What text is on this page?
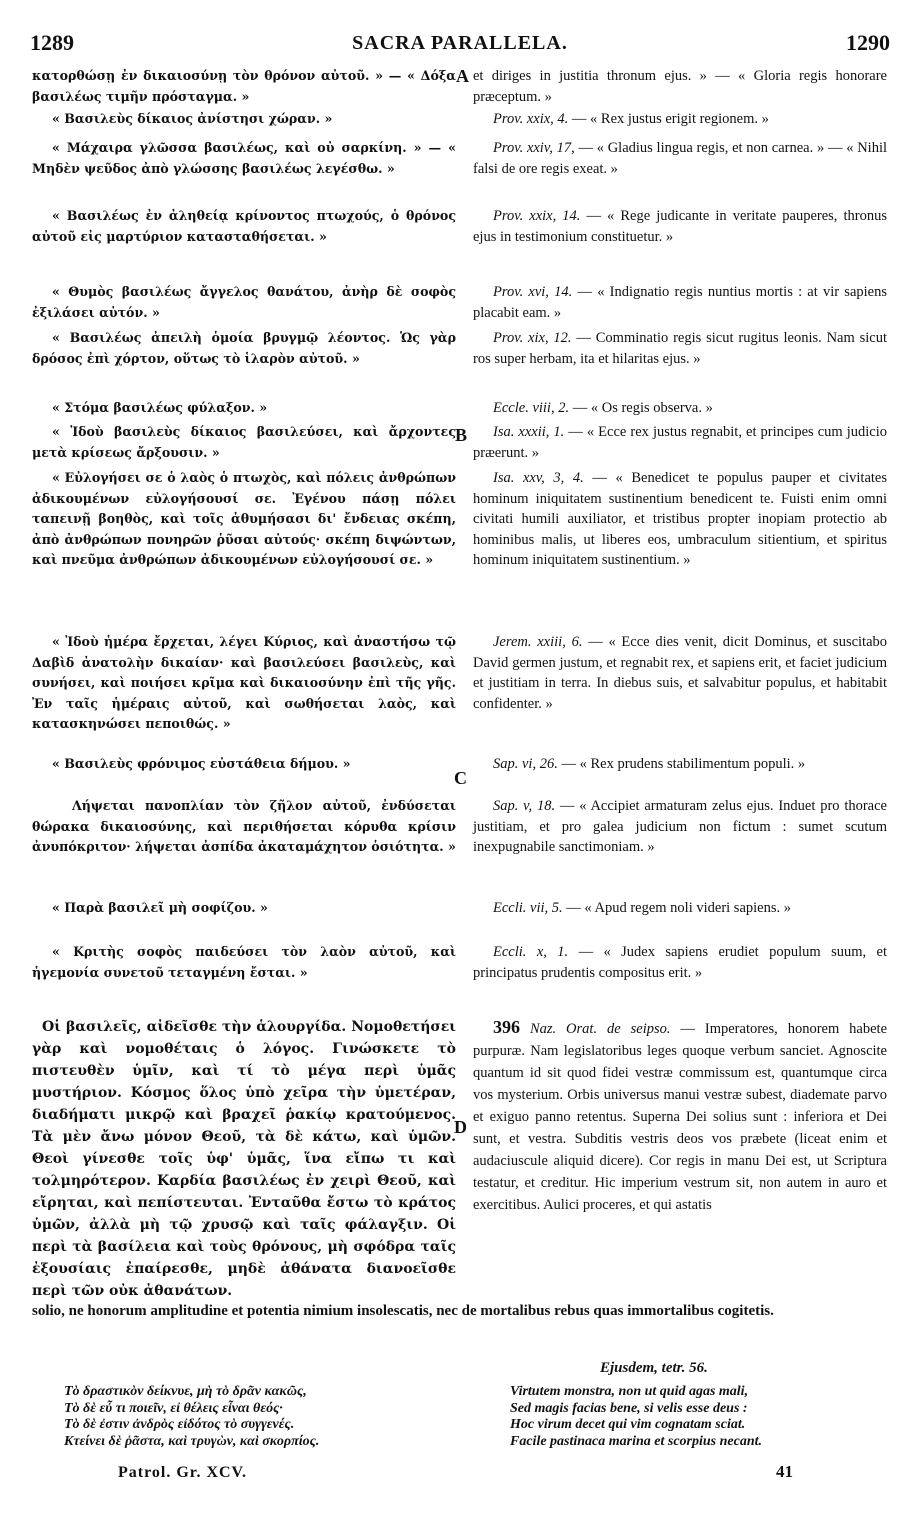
1289	SACRA PARALLELA.	1290
A
B
C
D
κατορθώσῃ ἐν δικαιοσύνῃ τὸν θρόνον αὐτοῦ. » — « Δόξα βασιλέως τιμῆν πρόσταγμα. »
« Βασιλεὺς δίκαιος ἀνίστησι χώραν. »
« Μάχαιρα γλῶσσα βασιλέως, καὶ οὐ σαρκίνη. » — « Μηδὲν ψεῦδος ἀπὸ γλώσσης βασιλέως λεγέσθω. »
« Βασιλέως ἐν ἀληθείᾳ κρίνοντος πτωχούς, ὁ θρόνος αὐτοῦ εἰς μαρτύριον κατασταθήσεται. »
« Θυμὸς βασιλέως ἄγγελος θανάτου, ἀνὴρ δὲ σοφὸς ἐξιλάσει αὐτόν. »
« Βασιλέως ἀπειλὴ ὁμοία βρυγμῷ λέοντος. Ὡς γὰρ δρόσος ἐπὶ χόρτον, οὕτως τὸ ἱλαρὸν αὐτοῦ. »
« Στόμα βασιλέως φύλαξον. »
« Ἰδοὺ βασιλεὺς δίκαιος βασιλεύσει, καὶ ἄρχοντες μετὰ κρίσεως ἄρξουσιν. »
« Εὐλογήσει σε ὁ λαὸς ὁ πτωχὸς, καὶ πόλεις ἀνθρώπων ἀδικουμένων εὐλογήσουσί σε. Ἐγένου πάσῃ πόλει ταπεινῇ βοηθὸς, καὶ τοῖς ἀθυμήσασι δι' ἔνδειας σκέπη, ἀπὸ ἀνθρώπων πονηρῶν ῥῦσαι αὐτούς· σκέπη διψώντων, καὶ πνεῦμα ἀνθρώπων ἀδικουμένων εὐλογήσουσί σε. »
« Ἰδοὺ ἡμέρα ἔρχεται, λέγει Κύριος, καὶ ἀναστήσω τῷ Δαβὶδ ἀνατολὴν δικαίαν· καὶ βασιλεύσει βασιλεὺς, καὶ συνήσει, καὶ ποιήσει κρῖμα καὶ δικαιοσύνην ἐπὶ τῆς γῆς. Ἐν ταῖς ἡμέραις αὐτοῦ, καὶ σωθήσεται λαὸς, καὶ κατασκηνώσει πεποιθώς. »
« Βασιλεὺς φρόνιμος εὐστάθεια δήμου. »
Λήψεται πανοπλίαν τὸν ζῆλον αὐτοῦ, ἐνδύσεται θώρακα δικαιοσύνης, καὶ περιθήσεται κόρυθα κρίσιν ἀνυπόκριτον· λήψεται ἀσπίδα ἀκαταμάχητον ὁσιότητα. »
« Παρὰ βασιλεῖ μὴ σοφίζου. »
« Κριτὴς σοφὸς παιδεύσει τὸν λαὸν αὐτοῦ, καὶ ἡγεμονία συνετοῦ τεταγμένη ἔσται. »
Οἱ βασιλεῖς, αἰδεῖσθε τὴν ἁλουργίδα. Νομοθετήσει γὰρ καὶ νομοθέταις ὁ λόγος. Γινώσκετε τὸ πιστευθὲν ὑμῖν, καὶ τί τὸ μέγα περὶ ὑμᾶς μυστήριον. Κόσμος ὅλος ὑπὸ χεῖρα τὴν ὑμετέραν, διαδήματι μικρῷ καὶ βραχεῖ ῥακίῳ κρατούμενος. Τὰ μὲν ἄνω μόνον Θεοῦ, τὰ δὲ κάτω, καὶ ὑμῶν. Θεοὶ γίνεσθε τοῖς ὑφ' ὑμᾶς, ἵνα εἴπω τι καὶ τολμηρότερον. Καρδία βασιλέως ἐν χειρὶ Θεοῦ, καὶ εἴρηται, καὶ πεπίστευται. Ἐνταῦθα ἔστω τὸ κράτος ὑμῶν, ἀλλὰ μὴ τῷ χρυσῷ καὶ ταῖς φάλαγξιν. Οἱ περὶ τὰ βασίλεια καὶ τοὺς θρόνους, μὴ σφόδρα ταῖς ἐξουσίαις ἐπαίρεσθε, μηδὲ ἀθάνατα διανοεῖσθε περὶ τῶν οὐκ ἀθανάτων.
et diriges in justitia thronum ejus. » — « Gloria regis honorare præceptum. »
Prov. xxix, 4. — « Rex justus erigit regionem. »
Prov. xxiv, 17, — « Gladius lingua regis, et non carnea. » — « Nihil falsi de ore regis exeat. »
Prov. xxix, 14. — « Rege judicante in veritate pauperes, thronus ejus in testimonium constituetur. »
Prov. xvi, 14. — « Indignatio regis nuntius mortis : at vir sapiens placabit eam. »
Prov. xix, 12. — Comminatio regis sicut rugitus leonis. Nam sicut ros super herbam, ita et hilaritas ejus. »
Eccle. viii, 2. — « Os regis observa. »
Isa. xxxii, 1. — « Ecce rex justus regnabit, et principes cum judicio præerunt. »
Isa. xxv, 3, 4. — « Benedicet te populus pauper et civitates hominum iniquitatem sustinentium benedicent te. Fuisti enim omni civitati humili auxiliator, et tristibus propter inopiam protectio ab hominibus malis, ut liberes eos, umbraculum sitientium, et spiritus hominum iniquitatem sustinentium. »
Jerem. xxiii, 6. — « Ecce dies venit, dicit Dominus, et suscitabo David germen justum, et regnabit rex, et sapiens erit, et faciet judicium et justitiam in terra. In diebus suis, et salvabitur populus, et habitabit confidenter. »
Sap. vi, 26. — « Rex prudens stabilimentum populi. »
Sap. v, 18. — « Accipiet armaturam zelus ejus. Induet pro thorace justitiam, et pro galea judicium non fictum : sumet scutum inexpugnabile sanctimoniam. »
Eccli. vii, 5. — « Apud regem noli videri sapiens. »
Eccli. x, 1. — « Judex sapiens erudiet populum suum, et principatus prudentis compositus erit. »
396 Naz. Orat. de seipso. — Imperatores, honorem habete purpuræ. Nam legislatoribus leges quoque verbum sanciet. Agnoscite quantum id sit quod fidei vestræ commissum est, quantumque circa vos mysterium. Orbis universus manui vestræ subest, diademate parvo et exiguo panno retentus. Superna Dei solius sunt : inferiora et Dei sunt, et vestra. Subditis vestris deos vos præbete (liceat enim et audaciuscule aliquid dicere). Cor regis in manu Dei est, ut Scriptura testatur, et creditur. Hic imperium vestrum sit, non autem in auro et exercitibus. Aulici proceres, et qui astatis
solio, ne honorum amplitudine et potentia nimium insolescatis, nec de mortalibus rebus quas immortalibus cogitetis.
Ejusdem, tetr. 56.
Τὸ δραστικὸν δείκνυε, μὴ τὸ δρᾶν κακῶς,
Τὸ δὲ εὖ τι ποιεῖν, εἰ θέλεις εἶναι θεός·
Τὸ δὲ ἐστιν ἀνδρὸς εἰδότος τὸ συγγενές.
Κτείνει δὲ ῥᾶστα, καὶ τρυγὼν, καὶ σκορπίος.
Virtutem monstra, non ut quid agas mali,
Sed magis facias bene, si velis esse deus :
Hoc virum decet qui vim cognatam sciat.
Facile pastinaca marina et scorpius necant.
Patrol. Gr. XCV.	41
